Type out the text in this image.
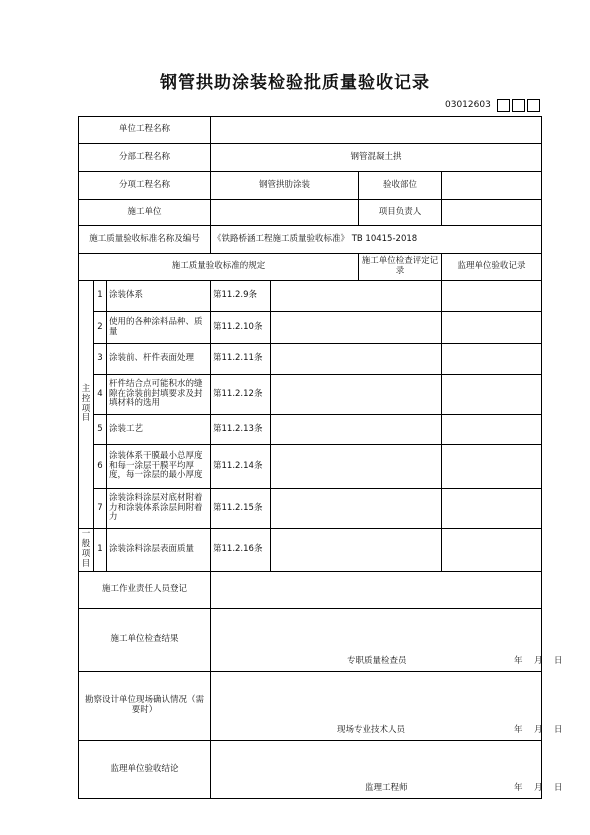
钢管拱助涂装检验批质量验收记录
03012603
单位工程名称						
分部工程名称			钢管混凝土拱			
分项工程名称			钢管拱肋涂装		验收部位	
施工单位					项目负责人	
施工质量验收标准名称及编号			《铁路桥涵工程施工质量验收标准》 TB 10415-2018			
施工质量验收标准的规定					施工单位检查评定记录	监理单位验收记录
主控项目	1	涂装体系	第11.2.9条			
	2	使用的各种涂料品种、质量	第11.2.10条			
	3	涂装前、杆件表面处理	第11.2.11条			
	4	杆件结合点可能积水的缝隙在涂装前封填要求及封填材料的选用	第11.2.12条			
	5	涂装工艺	第11.2.13条			
	6	涂装体系干膜最小总厚度和每一涂层干膜平均厚度，每一涂层的最小厚度	第11.2.14条			
	7	涂装涂料涂层对底材附着力和涂装体系涂层间附着力	第11.2.15条			
一般项目	1	涂装涂料涂层表面质量	第11.2.16条			
施工作业责任人员登记						
施工单位检查结果			专职质量检查员 年 月 日			

勘察设计单位现场确认情况（需要时）			现场专业技术人员 年 月 日			

监理单位验收结论			监理工程师 年 月 日			
